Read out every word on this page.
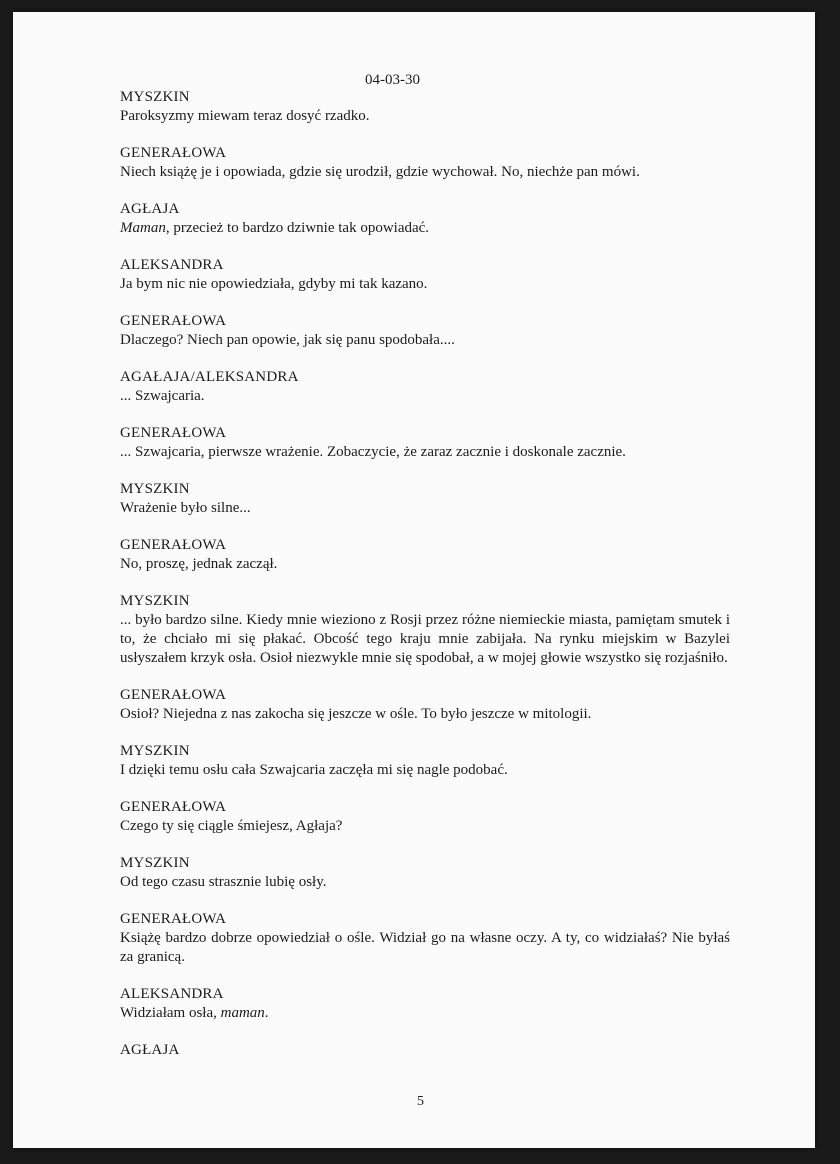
04-03-30
MYSZKIN
Paroksyzmy miewam teraz dosyć rzadko.
GENERAŁOWA
Niech książę je i opowiada, gdzie się urodził, gdzie wychował. No, niechże pan mówi.
AGŁAJA
Maman, przecież to bardzo dziwnie tak opowiadać.
ALEKSANDRA
Ja bym nic nie opowiedziała, gdyby mi tak kazano.
GENERAŁOWA
Dlaczego? Niech pan opowie, jak się panu spodobała....
AGAŁAJA/ALEKSANDRA
... Szwajcaria.
GENERAŁOWA
... Szwajcaria, pierwsze wrażenie. Zobaczycie, że zaraz zacznie i doskonale zacznie.
MYSZKIN
Wrażenie było silne...
GENERAŁOWA
No, proszę, jednak zaczął.
MYSZKIN
... było bardzo silne. Kiedy mnie wieziono z Rosji przez różne niemieckie miasta, pamiętam smutek i to, że chciało mi się płakać. Obcość tego kraju mnie zabijała. Na rynku miejskim w Bazylei usłyszałem krzyk osła. Osioł niezwykle mnie się spodobał, a w mojej głowie wszystko się rozjaśniło.
GENERAŁOWA
Osioł? Niejedna z nas zakocha się jeszcze w ośle. To było jeszcze w mitologii.
MYSZKIN
I dzięki temu osłu cała Szwajcaria zaczęła mi się nagle podobać.
GENERAŁOWA
Czego ty się ciągle śmiejesz, Agłaja?
MYSZKIN
Od tego czasu strasznie lubię osły.
GENERAŁOWA
Książę bardzo dobrze opowiedział o ośle. Widział go na własne oczy. A ty, co widziałaś? Nie byłaś za granicą.
ALEKSANDRA
Widziałam osła, maman.
AGŁAJA
5
